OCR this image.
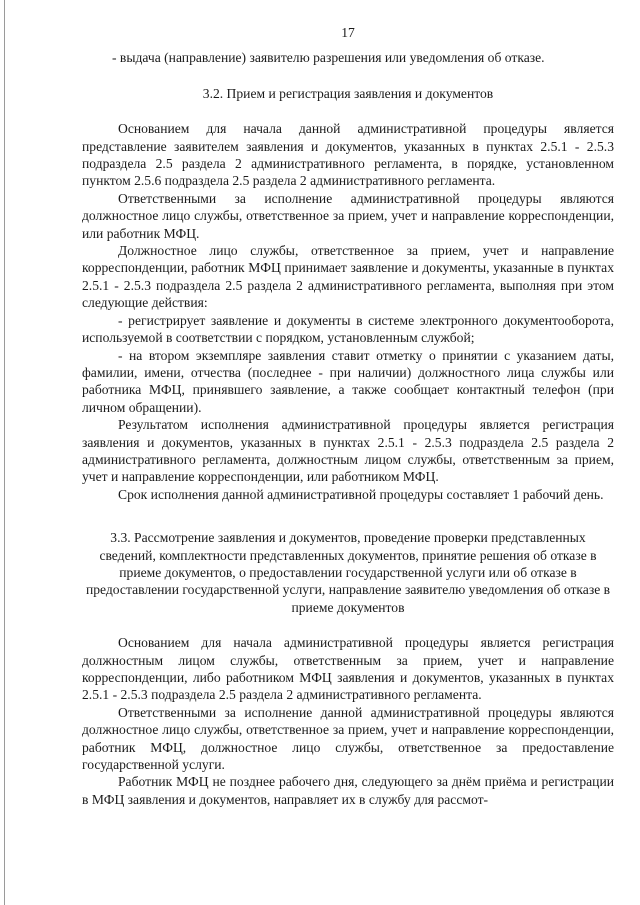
17

- выдача (направление) заявителю разрешения или уведомления об отказе.

3.2. Прием и регистрация заявления и документов

Основанием для начала данной административной процедуры является представление заявителем заявления и документов, указанных в пунктах 2.5.1 - 2.5.3 подраздела 2.5 раздела 2 административного регламента, в порядке, установленном пунктом 2.5.6 подраздела 2.5 раздела 2 административного регламента.

Ответственными за исполнение административной процедуры являются должностное лицо службы, ответственное за прием, учет и направление корреспонденции, или работник МФЦ.

Должностное лицо службы, ответственное за прием, учет и направление корреспонденции, работник МФЦ принимает заявление и документы, указанные в пунктах 2.5.1 - 2.5.3 подраздела 2.5 раздела 2 административного регламента, выполняя при этом следующие действия:

- регистрирует заявление и документы в системе электронного документооборота, используемой в соответствии с порядком, установленным службой;

- на втором экземпляре заявления ставит отметку о принятии с указанием даты, фамилии, имени, отчества (последнее - при наличии) должностного лица службы или работника МФЦ, принявшего заявление, а также сообщает контактный телефон (при личном обращении).

Результатом исполнения административной процедуры является регистрация заявления и документов, указанных в пунктах 2.5.1 - 2.5.3 подраздела 2.5 раздела 2 административного регламента, должностным лицом службы, ответственным за прием, учет и направление корреспонденции, или работником МФЦ.

Срок исполнения данной административной процедуры составляет 1 рабочий день.

3.3. Рассмотрение заявления и документов, проведение проверки представленных сведений, комплектности представленных документов, принятие решения об отказе в приеме документов, о предоставлении государственной услуги или об отказе в предоставлении государственной услуги, направление заявителю уведомления об отказе в приеме документов

Основанием для начала административной процедуры является регистрация должностным лицом службы, ответственным за прием, учет и направление корреспонденции, либо работником МФЦ заявления и документов, указанных в пунктах 2.5.1 - 2.5.3 подраздела 2.5 раздела 2 административного регламента.

Ответственными за исполнение данной административной процедуры являются должностное лицо службы, ответственное за прием, учет и направление корреспонденции, работник МФЦ, должностное лицо службы, ответственное за предоставление государственной услуги.

Работник МФЦ не позднее рабочего дня, следующего за днём приёма и регистрации в МФЦ заявления и документов, направляет их в службу для рассмот-
